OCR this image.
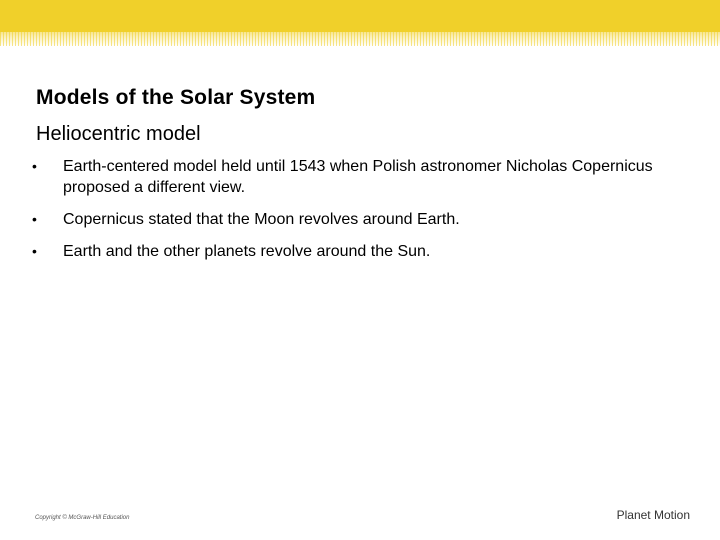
Models of the Solar System
Heliocentric model
•	Earth-centered model held until 1543 when Polish astronomer Nicholas Copernicus proposed a different view.
•	Copernicus stated that the Moon revolves around Earth.
•	Earth and the other planets revolve around the Sun.
Copyright © McGraw-Hill Education	Planet Motion
